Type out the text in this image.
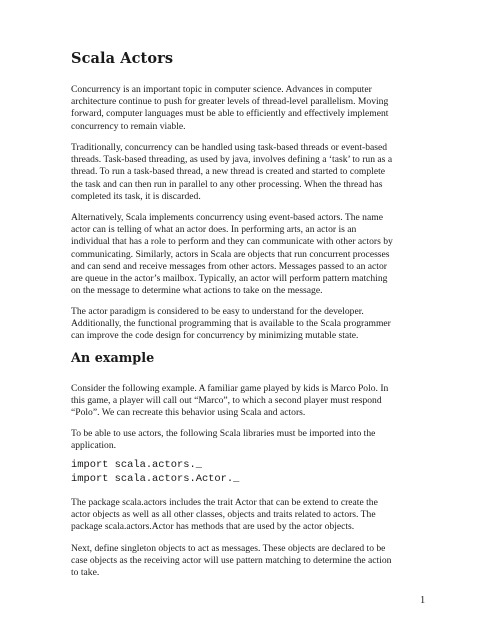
Scala Actors

Concurrency is an important topic in computer science. Advances in computer
architecture continue to push for greater levels of thread-level parallelism. Moving
forward, computer languages must be able to efficiently and effectively implement
concurrency to remain viable.

Traditionally, concurrency can be handled using task-based threads or event-based
threads. Task-based threading, as used by java, involves defining a ‘task’ to run as a
thread. To run a task-based thread, a new thread is created and started to complete
the task and can then run in parallel to any other processing. When the thread has
completed its task, it is discarded.

Alternatively, Scala implements concurrency using event-based actors. The name
actor can is telling of what an actor does. In performing arts, an actor is an
individual that has a role to perform and they can communicate with other actors by
communicating. Similarly, actors in Scala are objects that run concurrent processes
and can send and receive messages from other actors. Messages passed to an actor
are queue in the actor’s mailbox. Typically, an actor will perform pattern matching
on the message to determine what actions to take on the message.

The actor paradigm is considered to be easy to understand for the developer.
Additionally, the functional programming that is available to the Scala programmer
can improve the code design for concurrency by minimizing mutable state.

An example

Consider the following example. A familiar game played by kids is Marco Polo. In
this game, a player will call out “Marco”, to which a second player must respond
“Polo”. We can recreate this behavior using Scala and actors.

To be able to use actors, the following Scala libraries must be imported into the
application.

import scala.actors._
import scala.actors.Actor._

The package scala.actors includes the trait Actor that can be extend to create the
actor objects as well as all other classes, objects and traits related to actors. The
package scala.actors.Actor has methods that are used by the actor objects.

Next, define singleton objects to act as messages. These objects are declared to be
case objects as the receiving actor will use pattern matching to determine the action
to take.

1
